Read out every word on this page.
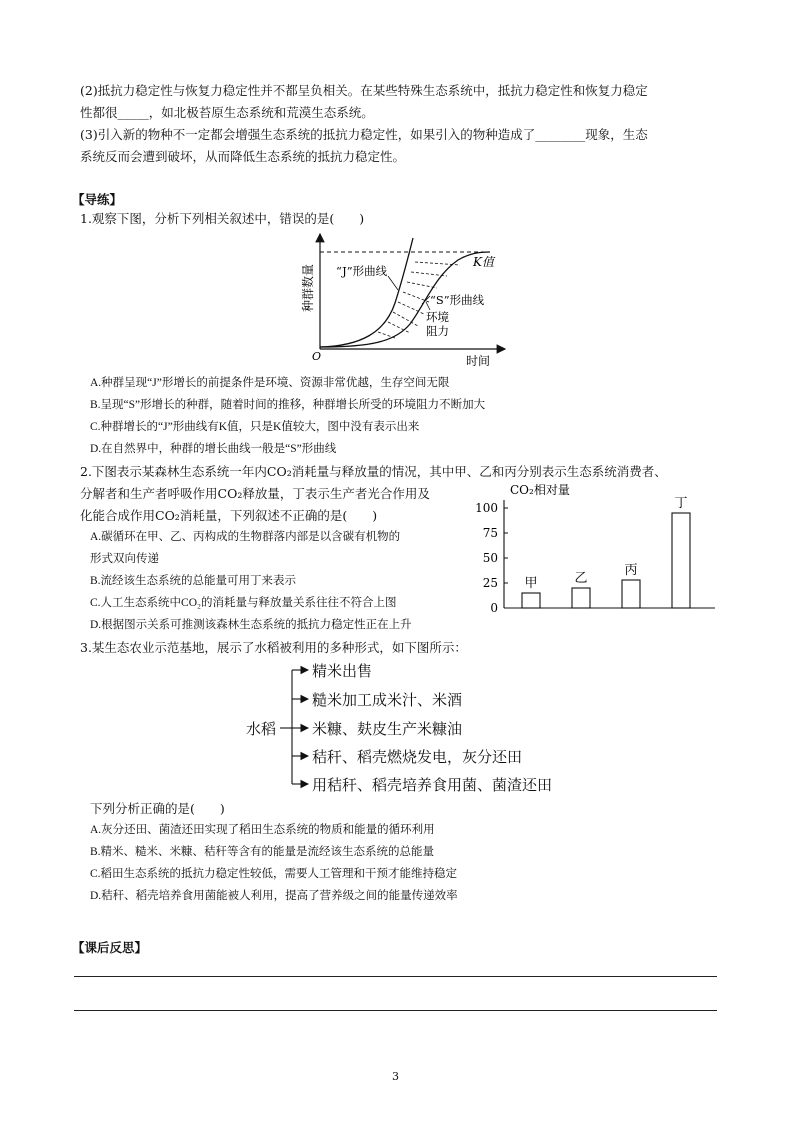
(2)抵抗力稳定性与恢复力稳定性并不都呈负相关。在某些特殊生态系统中，抵抗力稳定性和恢复力稳定
性都很_____，如北极苔原生态系统和荒漠生态系统。
(3)引入新的物种不一定都会增强生态系统的抵抗力稳定性，如果引入的物种造成了________现象，生态
系统反而会遭到破坏，从而降低生态系统的抵抗力稳定性。
【导练】
1.观察下图，分析下列相关叙述中，错误的是(　　)
种群数量
O	时间
K值
“J”形曲线
“S”形曲线
环境
阻力
A.种群呈现“J”形增长的前提条件是环境、资源非常优越，生存空间无限
B.呈现“S”形增长的种群，随着时间的推移，种群增长所受的环境阻力不断加大
C.种群增长的“J”形曲线有K值，只是K值较大，图中没有表示出来
D.在自然界中，种群的增长曲线一般是“S”形曲线
2.下图表示某森林生态系统一年内CO₂消耗量与释放量的情况，其中甲、乙和丙分别表示生态系统消费者、
分解者和生产者呼吸作用CO₂释放量，丁表示生产者光合作用及
化能合成作用CO₂消耗量，下列叙述不正确的是(　　)
A.碳循环在甲、乙、丙构成的生物群落内部是以含碳有机物的
形式双向传递
B.流经该生态系统的总能量可用丁来表示
C.人工生态系统中CO₂的消耗量与释放量关系往往不符合上图
D.根据图示关系可推测该森林生态系统的抵抗力稳定性正在上升
CO₂相对量
0
25
50
75
100
甲	乙
丙
丁
3.某生态农业示范基地，展示了水稻被利用的多种形式，如下图所示：
水稻
精米出售
糙米加工成米汁、米酒
米糠、麸皮生产米糠油
秸秆、稻壳燃烧发电，灰分还田
用秸秆、稻壳培养食用菌、菌渣还田
下列分析正确的是(　　)
A.灰分还田、菌渣还田实现了稻田生态系统的物质和能量的循环利用
B.精米、糙米、米糠、秸秆等含有的能量是流经该生态系统的总能量
C.稻田生态系统的抵抗力稳定性较低，需要人工管理和干预才能维持稳定
D.秸秆、稻壳培养食用菌能被人利用，提高了营养级之间的能量传递效率
【课后反思】
3
